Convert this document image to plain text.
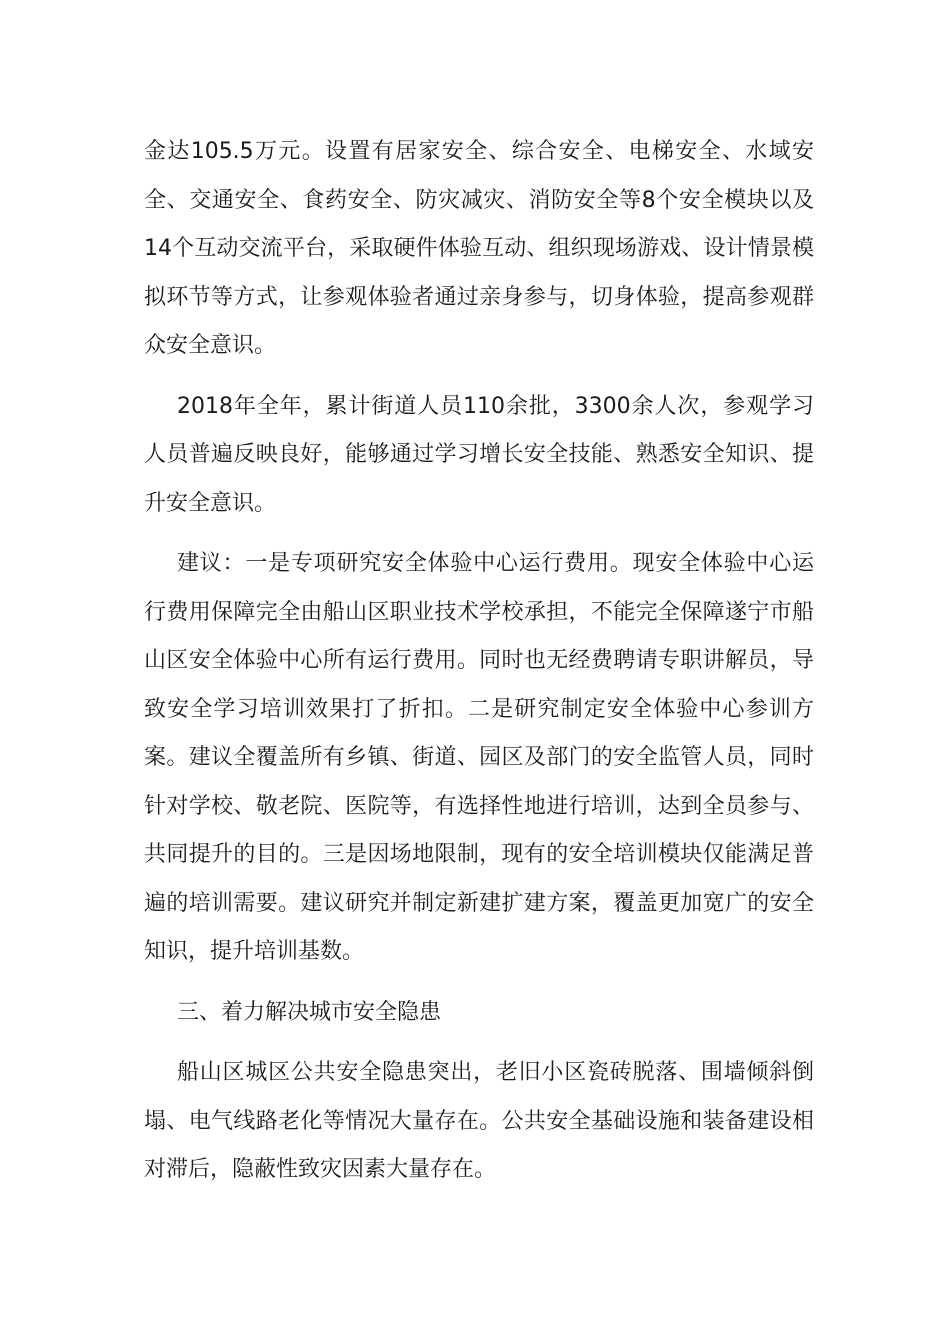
金达105.5万元。设置有居家安全、综合安全、电梯安全、水域安全、交通安全、食药安全、防灾减灾、消防安全等8个安全模块以及14个互动交流平台，采取硬件体验互动、组织现场游戏、设计情景模拟环节等方式，让参观体验者通过亲身参与，切身体验，提高参观群众安全意识。

2018年全年，累计街道人员110余批，3300余人次，参观学习人员普遍反映良好，能够通过学习增长安全技能、熟悉安全知识、提升安全意识。

建议：一是专项研究安全体验中心运行费用。现安全体验中心运行费用保障完全由船山区职业技术学校承担，不能完全保障遂宁市船山区安全体验中心所有运行费用。同时也无经费聘请专职讲解员，导致安全学习培训效果打了折扣。二是研究制定安全体验中心参训方案。建议全覆盖所有乡镇、街道、园区及部门的安全监管人员，同时针对学校、敬老院、医院等，有选择性地进行培训，达到全员参与、共同提升的目的。三是因场地限制，现有的安全培训模块仅能满足普遍的培训需要。建议研究并制定新建扩建方案，覆盖更加宽广的安全知识，提升培训基数。

三、着力解决城市安全隐患

船山区城区公共安全隐患突出，老旧小区瓷砖脱落、围墙倾斜倒塌、电气线路老化等情况大量存在。公共安全基础设施和装备建设相对滞后，隐蔽性致灾因素大量存在。
